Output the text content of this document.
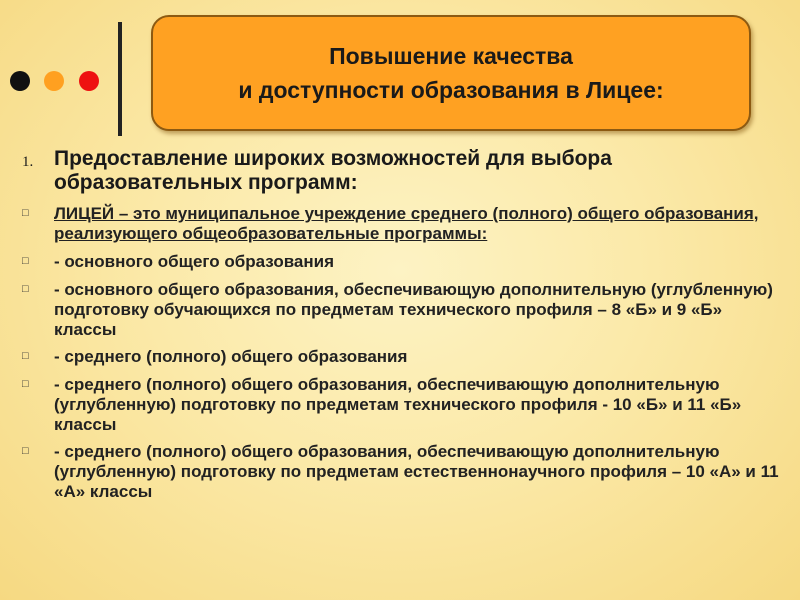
Повышение качества
и доступности образования в Лицее:
1. Предоставление широких возможностей для выбора образовательных программ:
□	ЛИЦЕЙ – это муниципальное учреждение среднего (полного) общего образования, реализующего общеобразовательные программы:
□	- основного общего образования
□	- основного общего образования, обеспечивающую дополнительную (углубленную) подготовку обучающихся по предметам технического профиля – 8 «Б» и 9 «Б» классы
□	- среднего (полного) общего образования
□	- среднего (полного) общего образования, обеспечивающую дополнительную (углубленную) подготовку по предметам технического профиля - 10 «Б» и 11 «Б» классы
□	- среднего (полного) общего образования, обеспечивающую дополнительную (углубленную) подготовку по предметам естественнонаучного профиля – 10 «А» и 11 «А» классы
